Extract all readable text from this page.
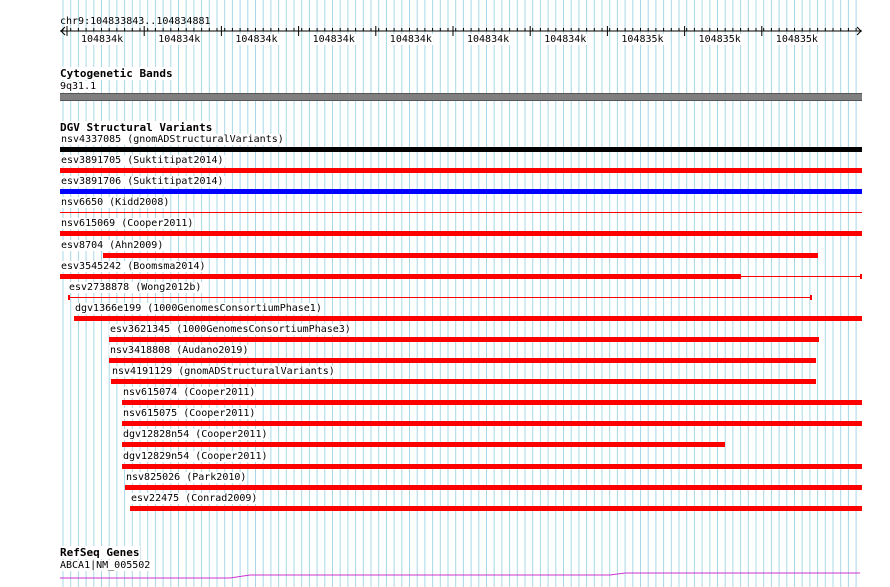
chr9:104833843..104834881
104834k	104834k	104834k	104834k	104834k	104834k	104834k	104835k	104835k	104835k
Cytogenetic Bands
9q31.1
DGV Structural Variants
nsv4337085 (gnomADStructuralVariants)
esv3891705 (Suktitipat2014)
esv3891706 (Suktitipat2014)
nsv6650 (Kidd2008)
nsv615069 (Cooper2011)
esv8704 (Ahn2009)
esv3545242 (Boomsma2014)
esv2738878 (Wong2012b)
dgv1366e199 (1000GenomesConsortiumPhase1)
esv3621345 (1000GenomesConsortiumPhase3)
nsv3418808 (Audano2019)
nsv4191129 (gnomADStructuralVariants)
nsv615074 (Cooper2011)
nsv615075 (Cooper2011)
dgv12828n54 (Cooper2011)
dgv12829n54 (Cooper2011)
nsv825026 (Park2010)
esv22475 (Conrad2009)
RefSeq Genes
ABCA1|NM_005502
